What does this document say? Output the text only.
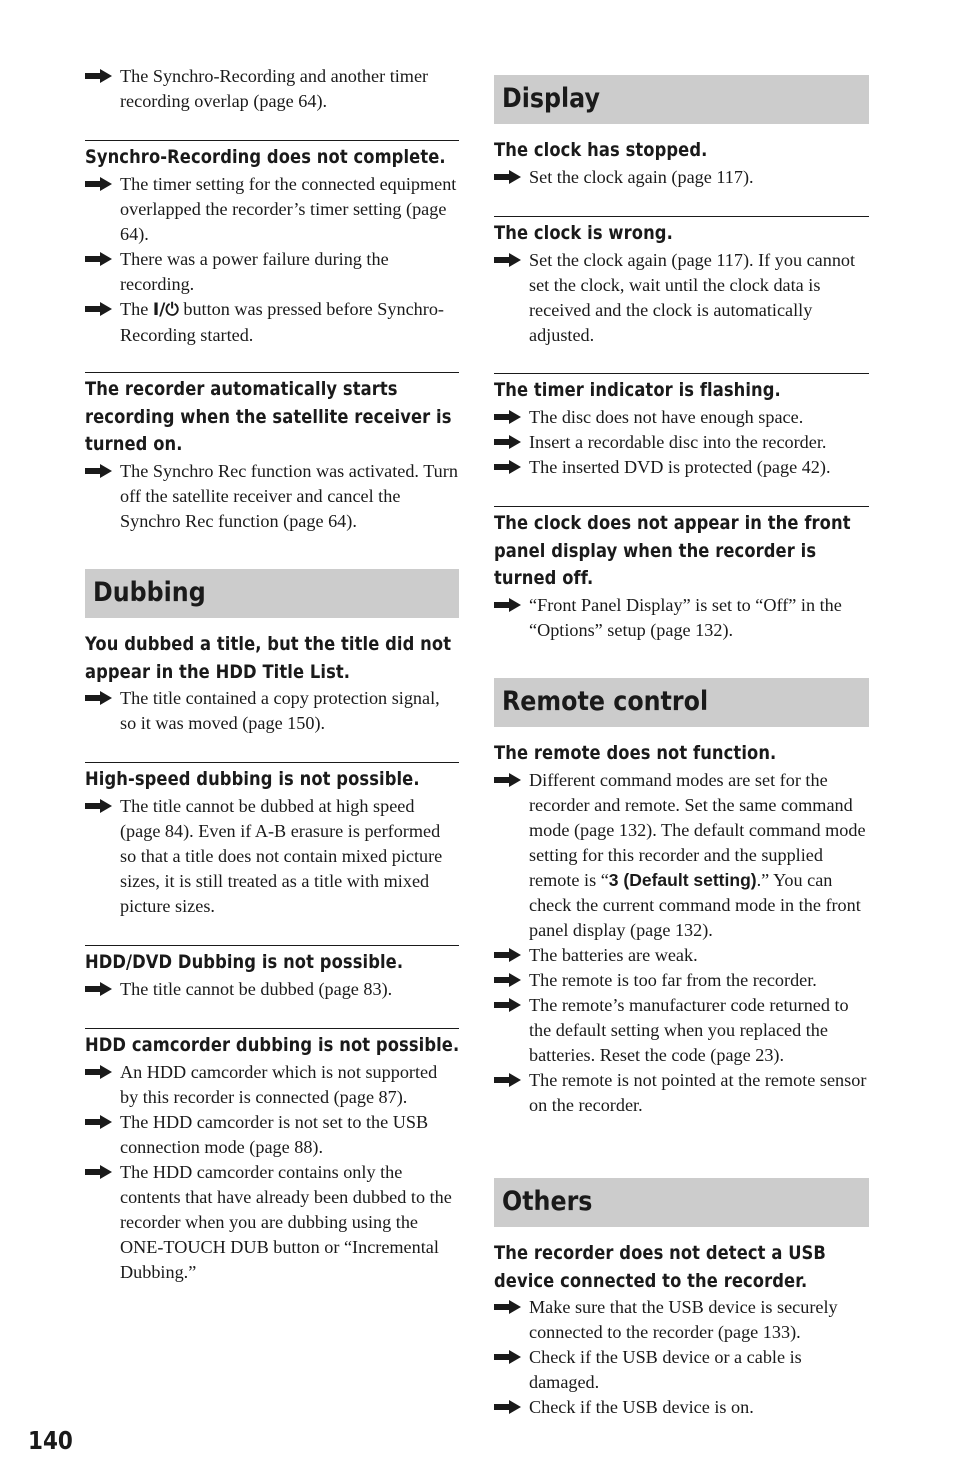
The Synchro-Recording and another timer recording overlap (page 64).
Synchro-Recording does not complete.
The timer setting for the connected equipment overlapped the recorder’s timer setting (page 64).
There was a power failure during the recording.
The I/⏻ button was pressed before Synchro-Recording started.
The recorder automatically starts recording when the satellite receiver is turned on.
The Synchro Rec function was activated. Turn off the satellite receiver and cancel the Synchro Rec function (page 64).
Dubbing
You dubbed a title, but the title did not appear in the HDD Title List.
The title contained a copy protection signal, so it was moved (page 150).
High-speed dubbing is not possible.
The title cannot be dubbed at high speed (page 84). Even if A-B erasure is performed so that a title does not contain mixed picture sizes, it is still treated as a title with mixed picture sizes.
HDD/DVD Dubbing is not possible.
The title cannot be dubbed (page 83).
HDD camcorder dubbing is not possible.
An HDD camcorder which is not supported by this recorder is connected (page 87).
The HDD camcorder is not set to the USB connection mode (page 88).
The HDD camcorder contains only the contents that have already been dubbed to the recorder when you are dubbing using the ONE-TOUCH DUB button or “Incremental Dubbing.”
Display
The clock has stopped.
Set the clock again (page 117).
The clock is wrong.
Set the clock again (page 117). If you cannot set the clock, wait until the clock data is received and the clock is automatically adjusted.
The timer indicator is flashing.
The disc does not have enough space.
Insert a recordable disc into the recorder.
The inserted DVD is protected (page 42).
The clock does not appear in the front panel display when the recorder is turned off.
“Front Panel Display” is set to “Off” in the “Options” setup (page 132).
Remote control
The remote does not function.
Different command modes are set for the recorder and remote. Set the same command mode (page 132). The default command mode setting for this recorder and the supplied remote is “3 (Default setting).” You can check the current command mode in the front panel display (page 132).
The batteries are weak.
The remote is too far from the recorder.
The remote’s manufacturer code returned to the default setting when you replaced the batteries. Reset the code (page 23).
The remote is not pointed at the remote sensor on the recorder.
Others
The recorder does not detect a USB device connected to the recorder.
Make sure that the USB device is securely connected to the recorder (page 133).
Check if the USB device or a cable is damaged.
Check if the USB device is on.
140
